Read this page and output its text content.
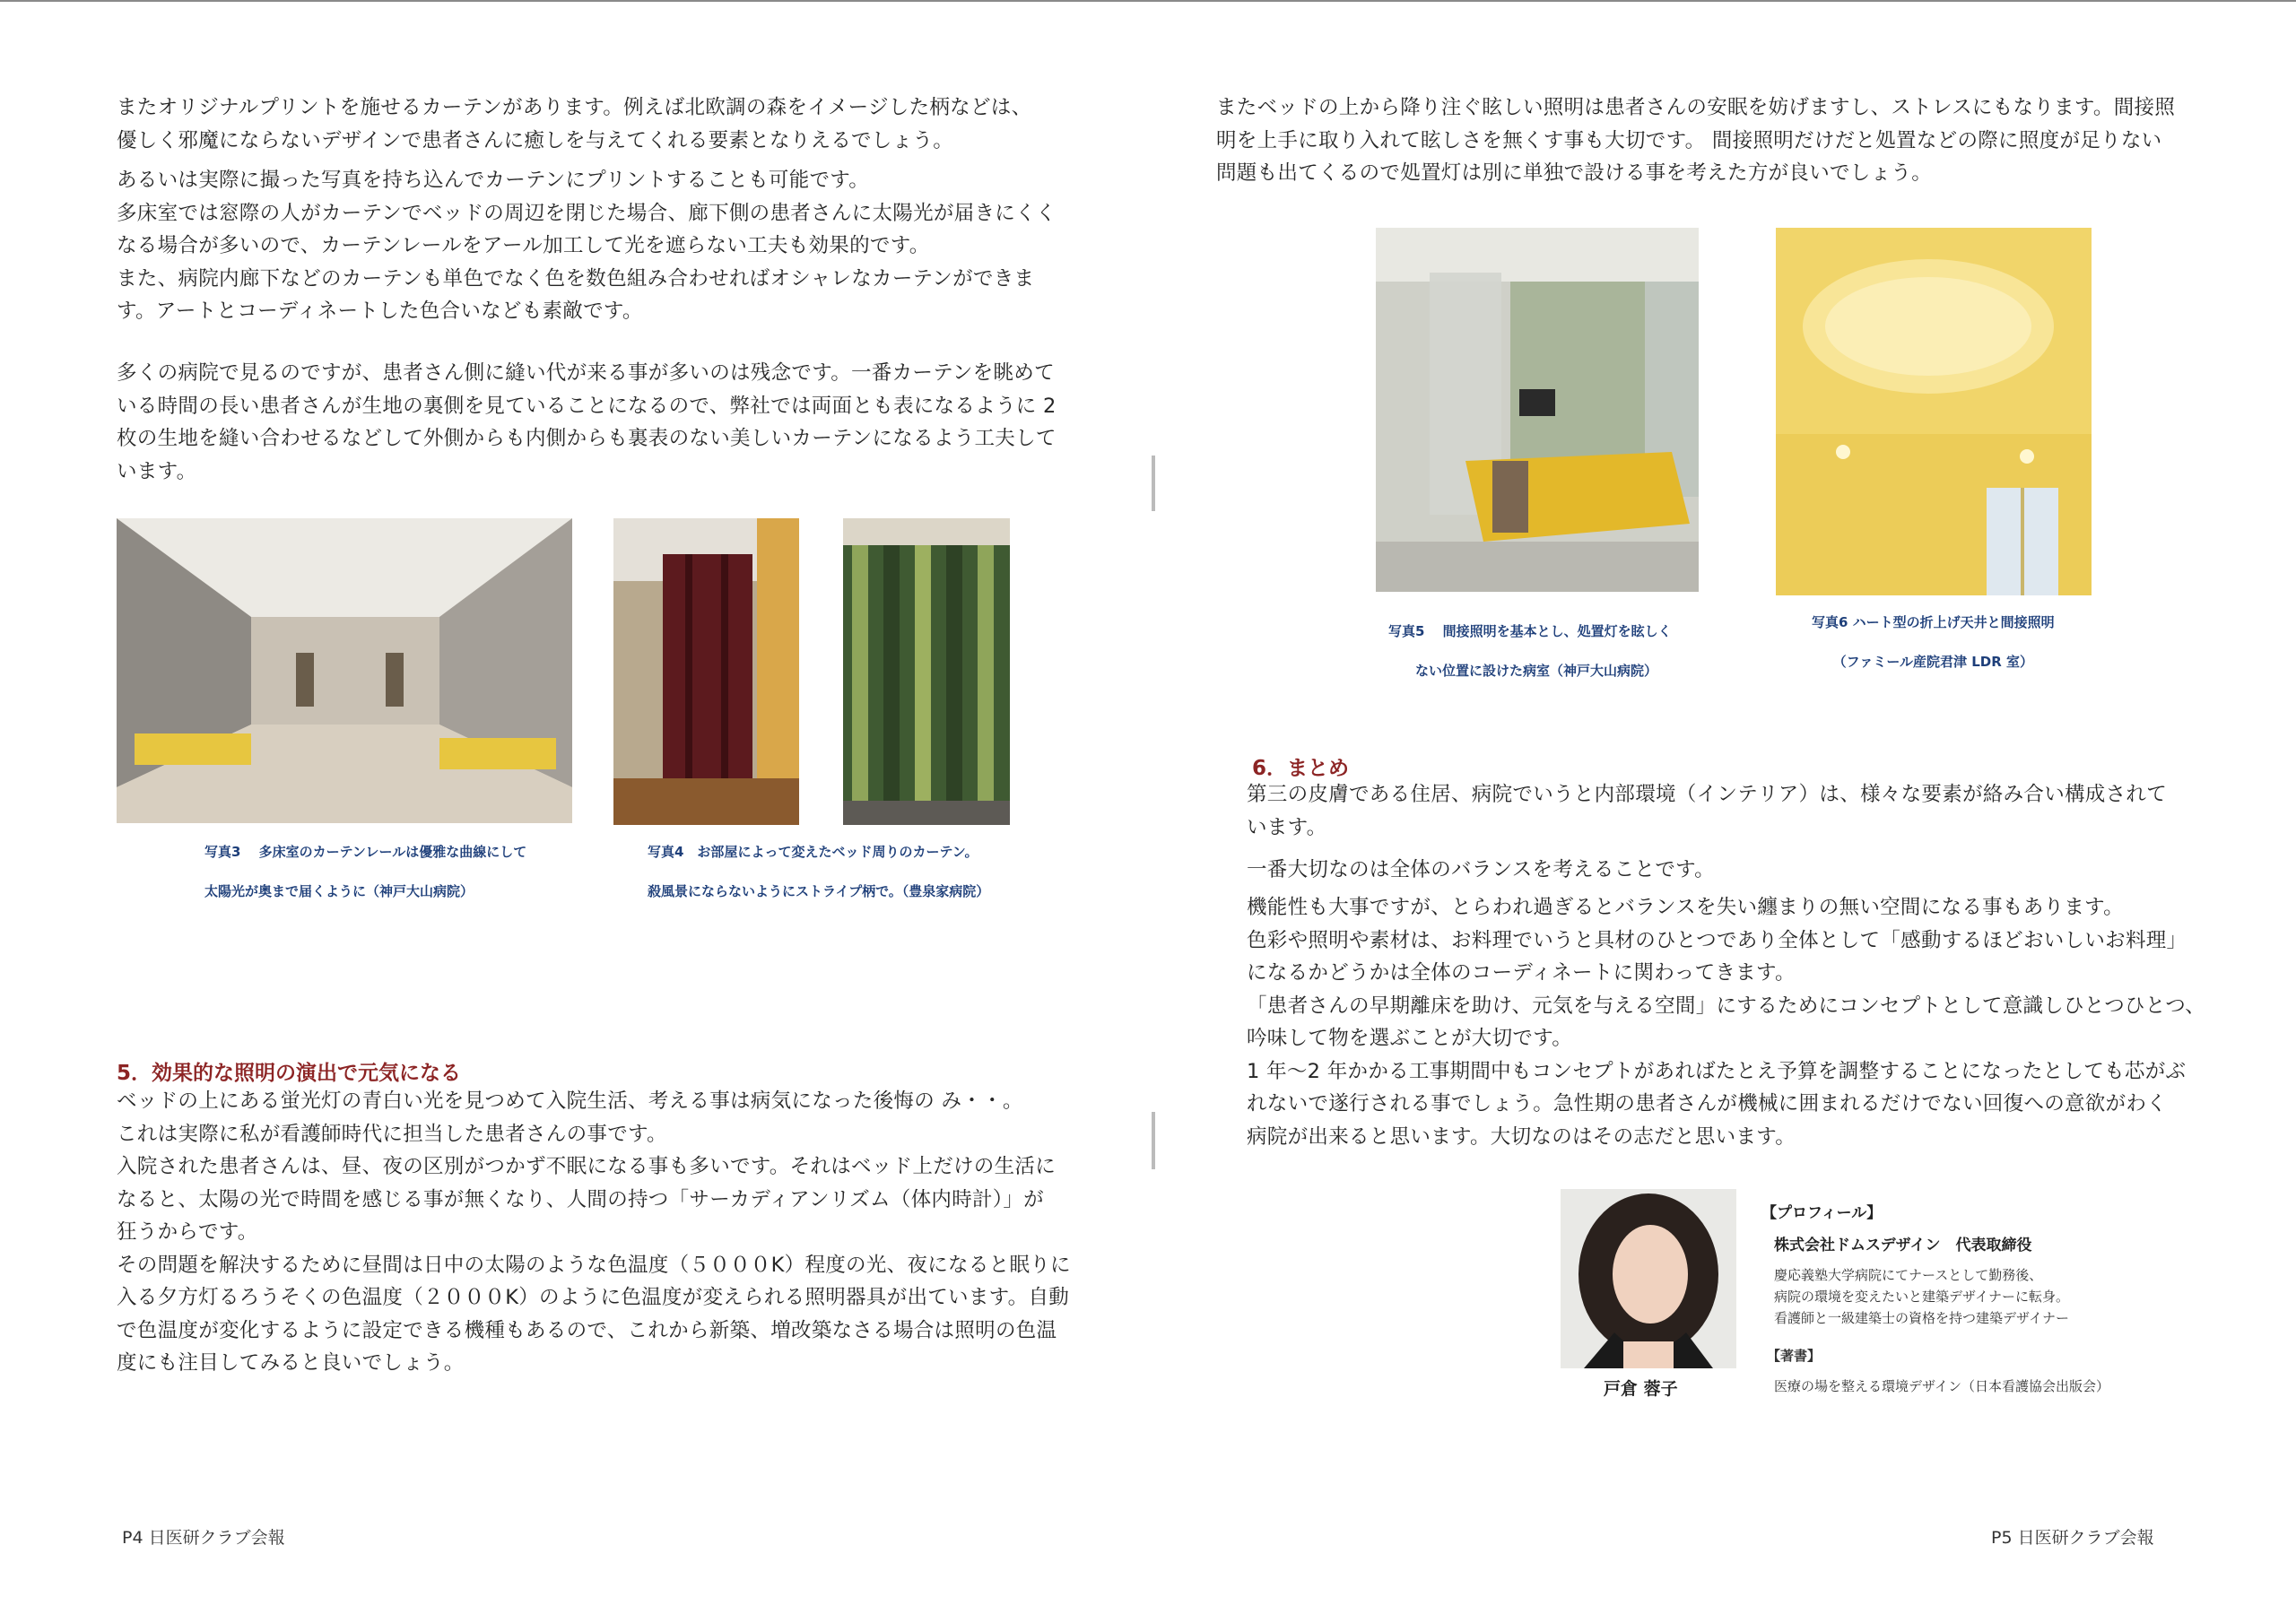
またオリジナルプリントを施せるカーテンがあります。例えば北欧調の森をイメージした柄などは、
優しく邪魔にならないデザインで患者さんに癒しを与えてくれる要素となりえるでしょう。
あるいは実際に撮った写真を持ち込んでカーテンにプリントすることも可能です。
多床室では窓際の人がカーテンでベッドの周辺を閉じた場合、廊下側の患者さんに太陽光が届きにくく
なる場合が多いので、カーテンレールをアール加工して光を遮らない工夫も効果的です。
また、病院内廊下などのカーテンも単色でなく色を数色組み合わせればオシャレなカーテンができま
す。アートとコーディネートした色合いなども素敵です。
多くの病院で見るのですが、患者さん側に縫い代が来る事が多いのは残念です。一番カーテンを眺めて
いる時間の長い患者さんが生地の裏側を見ていることになるので、弊社では両面とも表になるように 2
枚の生地を縫い合わせるなどして外側からも内側からも裏表のない美しいカーテンになるよう工夫して
います。
写真3　 多床室のカーテンレールは優雅な曲線にして
太陽光が奥まで届くように（神戸大山病院）
写真4　お部屋によって変えたベッド周りのカーテン。
殺風景にならないようにストライプ柄で。（豊泉家病院）
5．効果的な照明の演出で元気になる
ベッドの上にある蛍光灯の青白い光を見つめて入院生活、考える事は病気になった後悔の み・・。
これは実際に私が看護師時代に担当した患者さんの事です。
入院された患者さんは、昼、夜の区別がつかず不眠になる事も多いです。それはベッド上だけの生活に
なると、太陽の光で時間を感じる事が無くなり、人間の持つ「サーカディアンリズム（体内時計）」が
狂うからです。
その問題を解決するために昼間は日中の太陽のような色温度（５０００K）程度の光、夜になると眠りに
入る夕方灯るろうそくの色温度（２０００K）のように色温度が変えられる照明器具が出ています。自動
で色温度が変化するように設定できる機種もあるので、これから新築、増改築なさる場合は照明の色温
度にも注目してみると良いでしょう。
P4 日医研クラブ会報
またベッドの上から降り注ぐ眩しい照明は患者さんの安眠を妨げますし、ストレスにもなります。間接照
明を上手に取り入れて眩しさを無くす事も大切です。 間接照明だけだと処置などの際に照度が足りない
問題も出てくるので処置灯は別に単独で設ける事を考えた方が良いでしょう。
写真5　 間接照明を基本とし、処置灯を眩しく
　　ない位置に設けた病室（神戸大山病院）
写真6 ハート型の折上げ天井と間接照明
（ファミール産院君津 LDR 室）
6．まとめ
第三の皮膚である住居、病院でいうと内部環境（インテリア）は、様々な要素が絡み合い構成されて
います。
一番大切なのは全体のバランスを考えることです。
機能性も大事ですが、とらわれ過ぎるとバランスを失い纏まりの無い空間になる事もあります。
色彩や照明や素材は、お料理でいうと具材のひとつであり全体として「感動するほどおいしいお料理」
になるかどうかは全体のコーディネートに関わってきます。
「患者さんの早期離床を助け、元気を与える空間」にするためにコンセプトとして意識しひとつひとつ、
吟味して物を選ぶことが大切です。
1 年～2 年かかる工事期間中もコンセプトがあればたとえ予算を調整することになったとしても芯がぶ
れないで遂行される事でしょう。急性期の患者さんが機械に囲まれるだけでない回復への意欲がわく
病院が出来ると思います。大切なのはその志だと思います。
戸倉 蓉子
【プロフィール】
株式会社ドムスデザイン　代表取締役
慶応義塾大学病院にてナースとして勤務後、
病院の環境を変えたいと建築デザイナーに転身。
看護師と一級建築士の資格を持つ建築デザイナー
【著書】
医療の場を整える環境デザイン（日本看護協会出版会）
P5 日医研クラブ会報
